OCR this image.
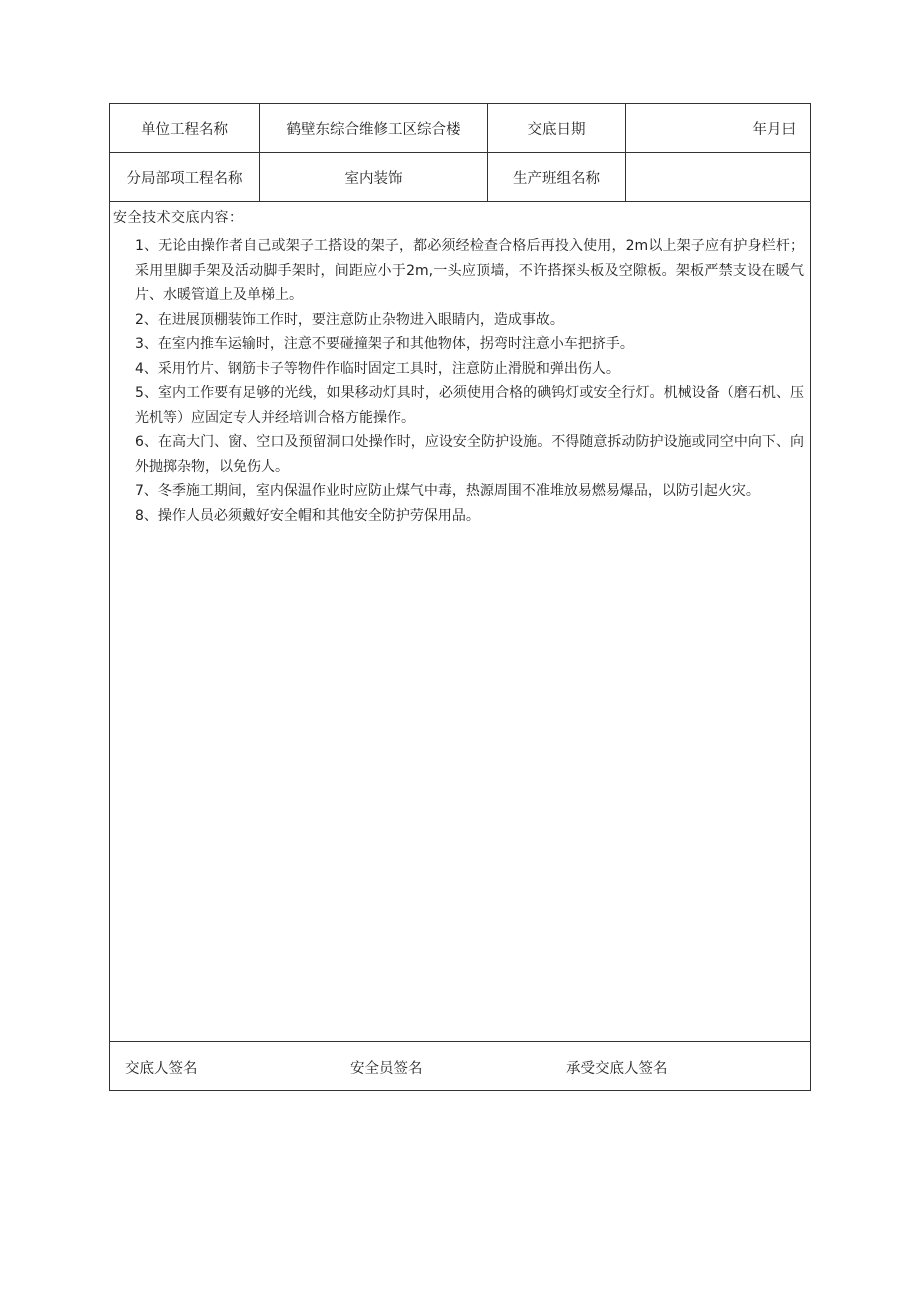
单位工程名称	鹤壁东综合维修工区综合楼	交底日期	年月曰
分局部项工程名称	室内装饰	生产班组名称
安全技术交底内容：

1、无论由操作者自己或架子工搭设的架子，都必须经检查合格后再投入使用，2m以上架子应有护身栏杆；采用里脚手架及活动脚手架时，间距应小于2m,一头应顶墙，不许搭探头板及空隙板。架板严禁支设在暖气片、水暖管道上及单梯上。

2、在进展顶棚装饰工作时，要注意防止杂物进入眼睛内，造成事故。

3、在室内推车运输时，注意不要碰撞架子和其他物体，拐弯时注意小车把挤手。

4、采用竹片、钢筋卡子等物件作临时固定工具时，注意防止滑脱和弹出伤人。

5、室内工作要有足够的光线，如果移动灯具时，必须使用合格的碘钨灯或安全行灯。机械设备（磨石机、压光机等）应固定专人并经培训合格方能操作。

6、在高大门、窗、空口及预留洞口处操作时，应设安全防护设施。不得随意拆动防护设施或同空中向下、向外抛掷杂物，以免伤人。

7、冬季施工期间，室内保温作业时应防止煤气中毒，热源周围不准堆放易燃易爆品，以防引起火灾。

8、操作人员必须戴好安全帽和其他安全防护劳保用品。

交底人签名	安全员签名	承受交底人签名
